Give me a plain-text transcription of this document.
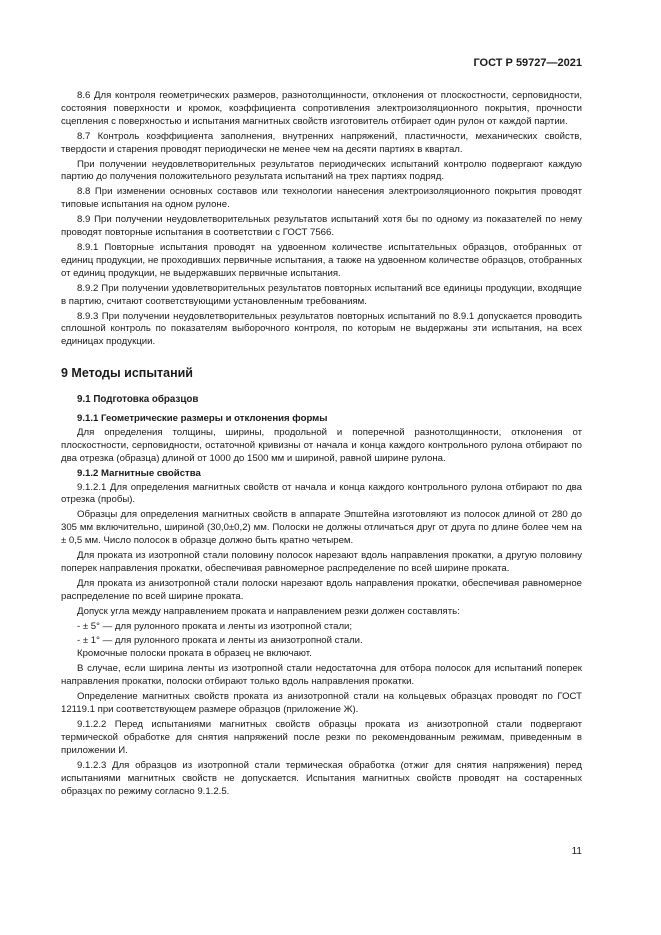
ГОСТ Р 59727—2021

8.6 Для контроля геометрических размеров, разнотолщинности, отклонения от плоскостности, серповидности, состояния поверхности и кромок, коэффициента сопротивления электроизоляционного покрытия, прочности сцепления с поверхностью и испытания магнитных свойств изготовитель отбирает один рулон от каждой партии.

8.7 Контроль коэффициента заполнения, внутренних напряжений, пластичности, механических свойств, твердости и старения проводят периодически не менее чем на десяти партиях в квартал.

При получении неудовлетворительных результатов периодических испытаний контролю подвергают каждую партию до получения положительного результата испытаний на трех партиях подряд.

8.8 При изменении основных составов или технологии нанесения электроизоляционного покрытия проводят типовые испытания на одном рулоне.

8.9 При получении неудовлетворительных результатов испытаний хотя бы по одному из показателей по нему проводят повторные испытания в соответствии с ГОСТ 7566.

8.9.1 Повторные испытания проводят на удвоенном количестве испытательных образцов, отобранных от единиц продукции, не проходивших первичные испытания, а также на удвоенном количестве образцов, отобранных от единиц продукции, не выдержавших первичные испытания.

8.9.2 При получении удовлетворительных результатов повторных испытаний все единицы продукции, входящие в партию, считают соответствующими установленным требованиям.

8.9.3 При получении неудовлетворительных результатов повторных испытаний по 8.9.1 допускается проводить сплошной контроль по показателям выборочного контроля, по которым не выдержаны эти испытания, на всех единицах продукции.

9 Методы испытаний

9.1 Подготовка образцов

9.1.1 Геометрические размеры и отклонения формы

Для определения толщины, ширины, продольной и поперечной разнотолщинности, отклонения от плоскостности, серповидности, остаточной кривизны от начала и конца каждого контрольного рулона отбирают по два отрезка (образца) длиной от 1000 до 1500 мм и шириной, равной ширине рулона.

9.1.2 Магнитные свойства

9.1.2.1 Для определения магнитных свойств от начала и конца каждого контрольного рулона отбирают по два отрезка (пробы).

Образцы для определения магнитных свойств в аппарате Эпштейна изготовляют из полосок длиной от 280 до 305 мм включительно, шириной (30,0±0,2) мм. Полоски не должны отличаться друг от друга по длине более чем на ± 0,5 мм. Число полосок в образце должно быть кратно четырем.

Для проката из изотропной стали половину полосок нарезают вдоль направления прокатки, а другую половину поперек направления прокатки, обеспечивая равномерное распределение по всей ширине проката.

Для проката из анизотропной стали полоски нарезают вдоль направления прокатки, обеспечивая равномерное распределение по всей ширине проката.

Допуск угла между направлением проката и направлением резки должен составлять:

- ± 5° — для рулонного проката и ленты из изотропной стали;

- ± 1° — для рулонного проката и ленты из анизотропной стали.

Кромочные полоски проката в образец не включают.

В случае, если ширина ленты из изотропной стали недостаточна для отбора полосок для испытаний поперек направления прокатки, полоски отбирают только вдоль направления прокатки.

Определение магнитных свойств проката из анизотропной стали на кольцевых образцах проводят по ГОСТ 12119.1 при соответствующем размере образцов (приложение Ж).

9.1.2.2 Перед испытаниями магнитных свойств образцы проката из анизотропной стали подвергают термической обработке для снятия напряжений после резки по рекомендованным режимам, приведенным в приложении И.

9.1.2.3 Для образцов из изотропной стали термическая обработка (отжиг для снятия напряжения) перед испытаниями магнитных свойств не допускается. Испытания магнитных свойств проводят на состаренных образцах по режиму согласно 9.1.2.5.

11
